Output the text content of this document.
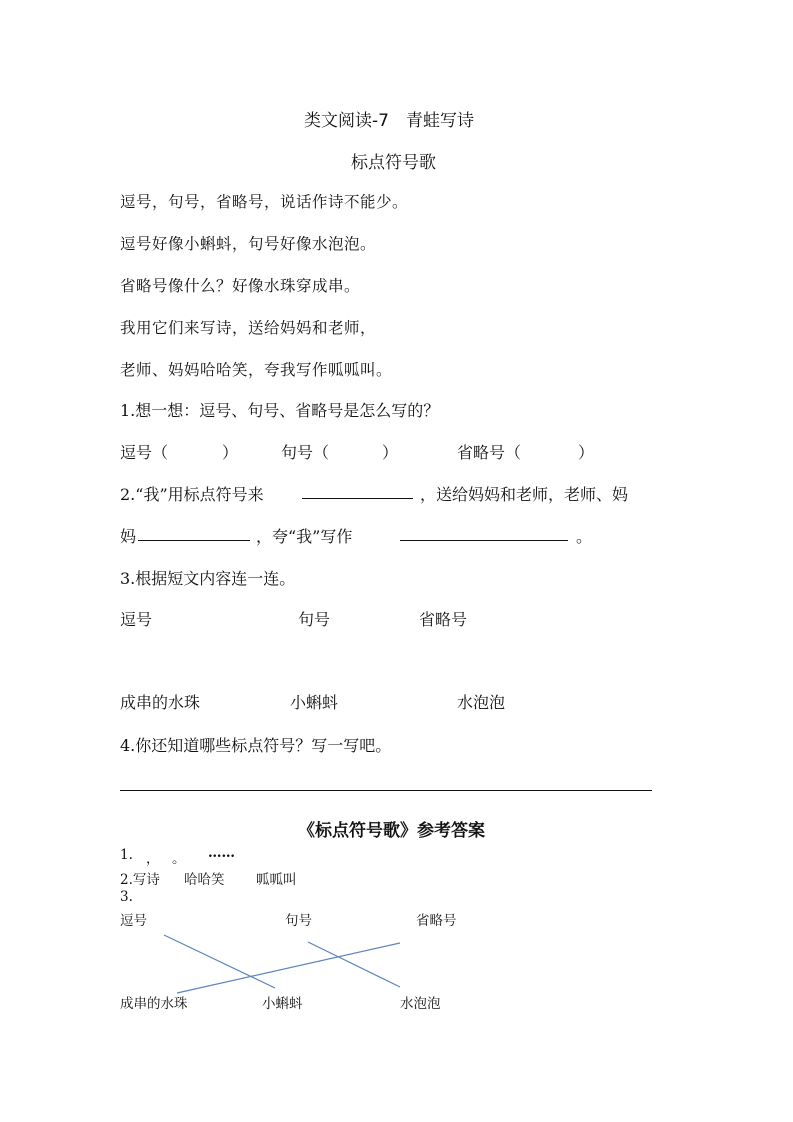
类文阅读-7　青蛙写诗
标点符号歌
逗号，句号，省略号，说话作诗不能少。
逗号好像小蝌蚪，句号好像水泡泡。
省略号像什么？好像水珠穿成串。
我用它们来写诗，送给妈妈和老师，
老师、妈妈哈哈笑，夸我写作呱呱叫。
1.想一想：逗号、句号、省略号是怎么写的？
逗号（	）	句号（	）	省略号（	）
2.“我”用标点符号来	，送给妈妈和老师，老师、妈
妈	，夸“我”写作	。
3.根据短文内容连一连。
逗号	句号	省略号
成串的水珠	小蝌蚪	水泡泡
4.你还知道哪些标点符号？写一写吧。
《标点符号歌》参考答案
1. ， 。 ……
2.写诗 哈哈笑 呱呱叫
3.
逗号	句号	省略号
成串的水珠	小蝌蚪	水泡泡
